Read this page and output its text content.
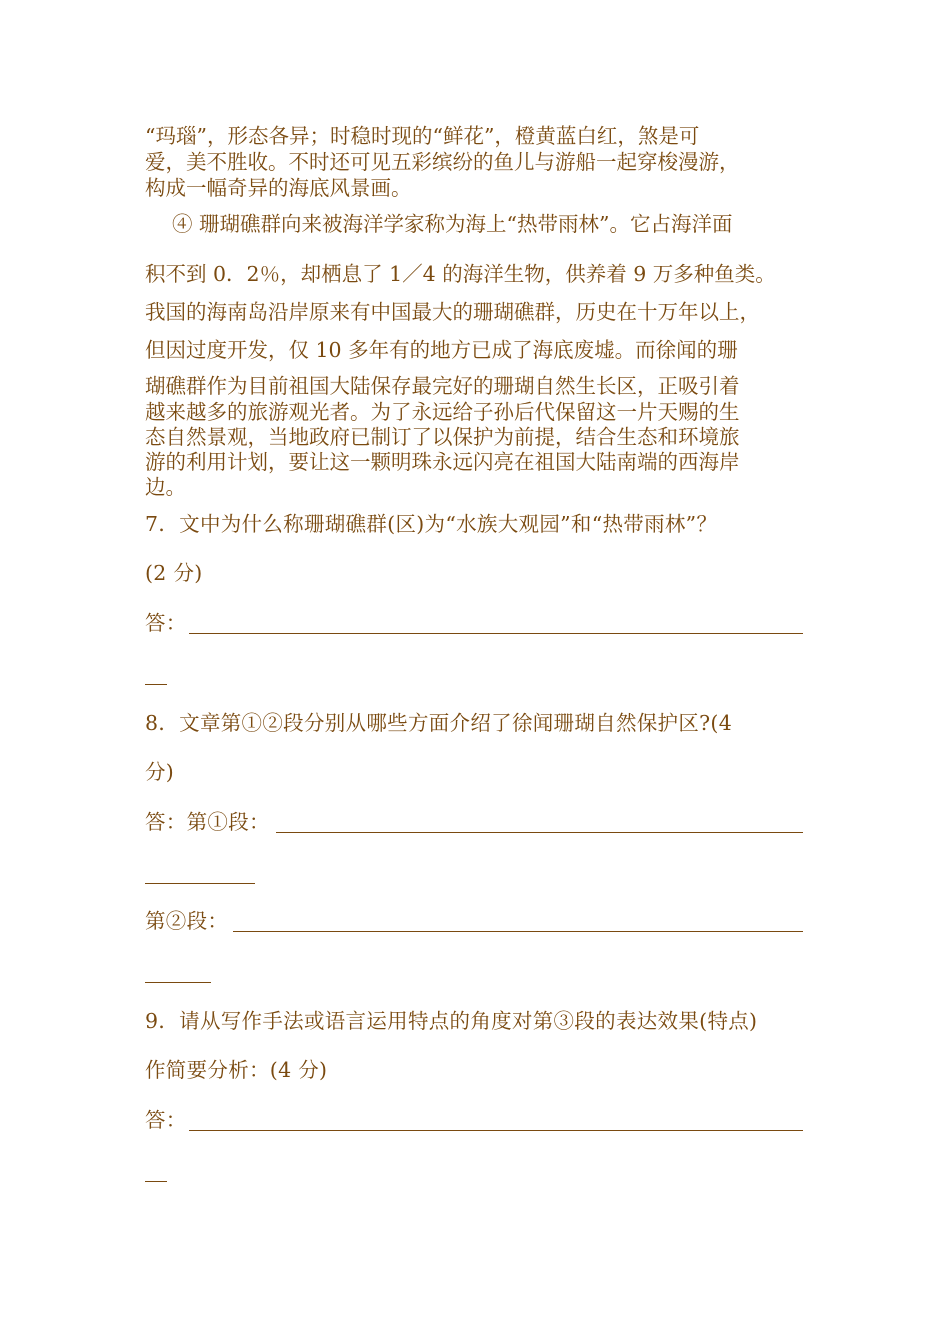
“玛瑙”，形态各异；时稳时现的“鲜花”，橙黄蓝白红，煞是可
爱，美不胜收。不时还可见五彩缤纷的鱼儿与游船一起穿梭漫游，
构成一幅奇异的海底风景画。
④ 珊瑚礁群向来被海洋学家称为海上“热带雨林”。它占海洋面
积不到 0．2％，却栖息了 1／4 的海洋生物，供养着 9 万多种鱼类。
我国的海南岛沿岸原来有中国最大的珊瑚礁群，历史在十万年以上，
但因过度开发，仅 10 多年有的地方已成了海底废墟。而徐闻的珊
瑚礁群作为目前祖国大陆保存最完好的珊瑚自然生长区，正吸引着
越来越多的旅游观光者。为了永远给子孙后代保留这一片天赐的生
态自然景观，当地政府已制订了以保护为前提，结合生态和环境旅
游的利用计划，要让这一颗明珠永远闪亮在祖国大陆南端的西海岸
边。
7．文中为什么称珊瑚礁群(区)为“水族大观园”和“热带雨林”？
(2 分)
答：
8．文章第①②段分别从哪些方面介绍了徐闻珊瑚自然保护区?(4
分)
答：第①段：
第②段：
9．请从写作手法或语言运用特点的角度对第③段的表达效果(特点)
作简要分析：(4 分)
答：
